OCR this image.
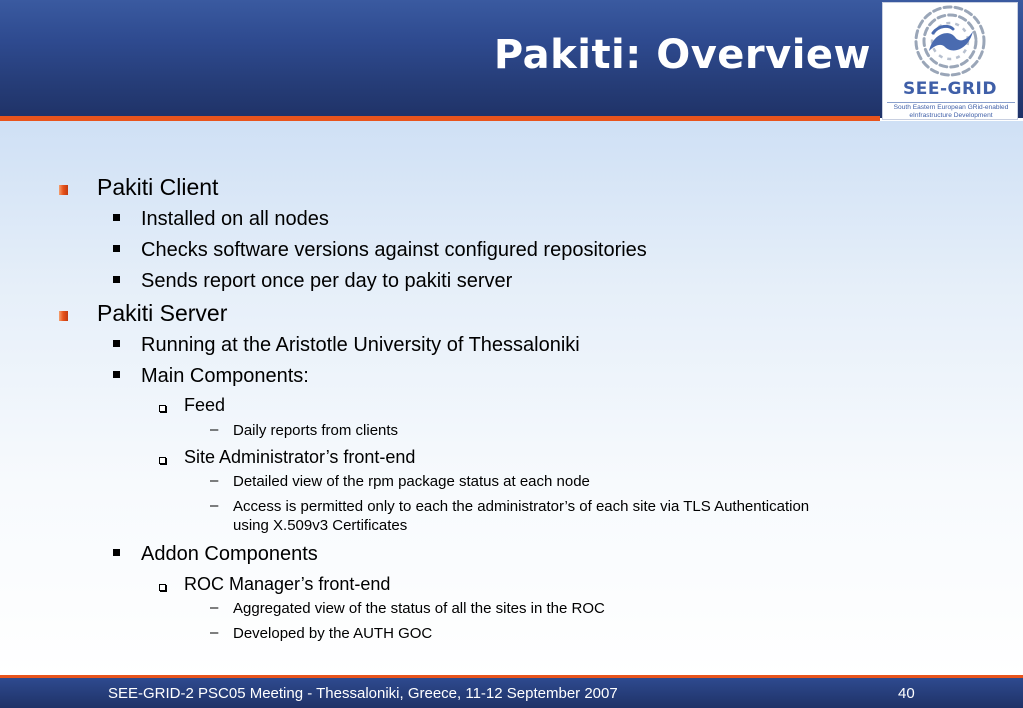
Pakiti: Overview
SEE-GRID
South Eastern European GRid-enabled
eInfrastructure Development
Pakiti Client
Installed on all nodes
Checks software versions against configured repositories
Sends report once per day to pakiti server
Pakiti Server
Running at the Aristotle University of Thessaloniki
Main Components:
Feed
– Daily reports from clients
Site Administrator’s front-end
– Detailed view of the rpm package status at each node
– Access is permitted only to each the administrator’s of each site via TLS Authentication
using X.509v3 Certificates
Addon Components
ROC Manager’s front-end
– Aggregated view of the status of all the sites in the ROC
– Developed by the AUTH GOC
SEE-GRID-2 PSC05 Meeting - Thessaloniki, Greece, 11-12 September 2007	40
